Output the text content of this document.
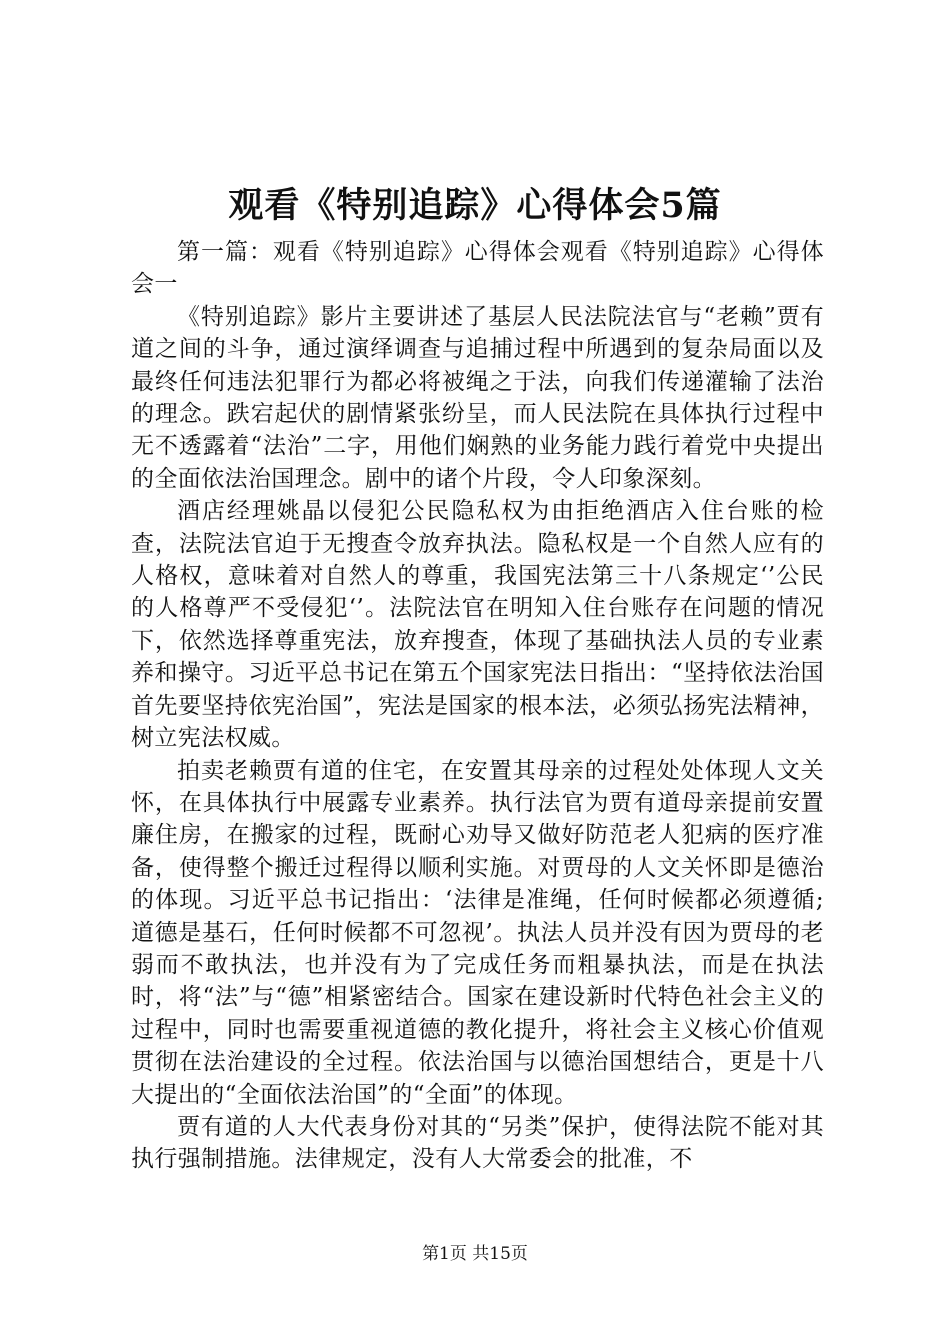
观看《特别追踪》心得体会5篇

第一篇：观看《特别追踪》心得体会观看《特别追踪》心得体会一

《特别追踪》影片主要讲述了基层人民法院法官与“老赖”贾有道之间的斗争，通过演绎调查与追捕过程中所遇到的复杂局面以及最终任何违法犯罪行为都必将被绳之于法，向我们传递灌输了法治的理念。跌宕起伏的剧情紧张纷呈，而人民法院在具体执行过程中无不透露着“法治”二字，用他们娴熟的业务能力践行着党中央提出的全面依法治国理念。剧中的诸个片段，令人印象深刻。

酒店经理姚晶以侵犯公民隐私权为由拒绝酒店入住台账的检查，法院法官迫于无搜查令放弃执法。隐私权是一个自然人应有的人格权，意味着对自然人的尊重，我国宪法第三十八条规定‘’公民的人格尊严不受侵犯‘’。法院法官在明知入住台账存在问题的情况下，依然选择尊重宪法，放弃搜查，体现了基础执法人员的专业素养和操守。习近平总书记在第五个国家宪法日指出：“坚持依法治国首先要坚持依宪治国”，宪法是国家的根本法，必须弘扬宪法精神，树立宪法权威。

拍卖老赖贾有道的住宅，在安置其母亲的过程处处体现人文关怀，在具体执行中展露专业素养。执行法官为贾有道母亲提前安置廉住房，在搬家的过程，既耐心劝导又做好防范老人犯病的医疗准备，使得整个搬迁过程得以顺利实施。对贾母的人文关怀即是德治的体现。习近平总书记指出：‘法律是准绳，任何时候都必须遵循;道德是基石，任何时候都不可忽视’。执法人员并没有因为贾母的老弱而不敢执法，也并没有为了完成任务而粗暴执法，而是在执法时，将“法”与“德”相紧密结合。国家在建设新时代特色社会主义的过程中，同时也需要重视道德的教化提升，将社会主义核心价值观贯彻在法治建设的全过程。依法治国与以德治国想结合，更是十八大提出的“全面依法治国”的“全面”的体现。

贾有道的人大代表身份对其的“另类”保护，使得法院不能对其执行强制措施。法律规定，没有人大常委会的批准，不

第1页 共15页
